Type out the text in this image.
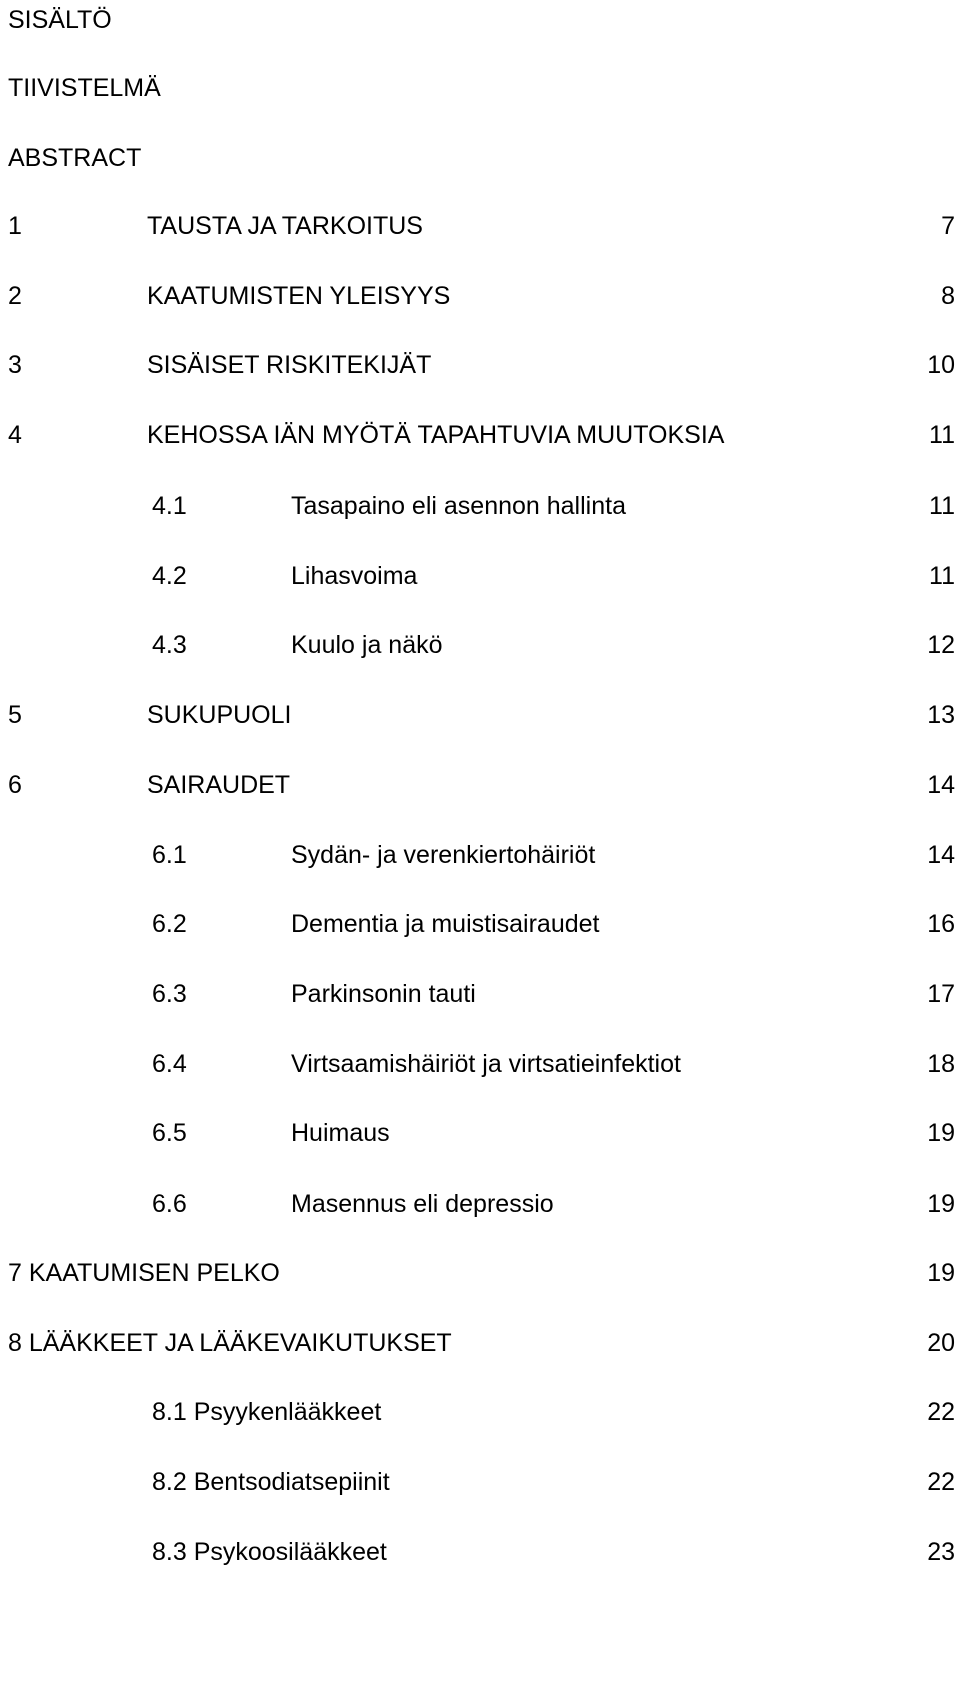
SISÄLTÖ
TIIVISTELMÄ
ABSTRACT
1	TAUSTA JA TARKOITUS	7
2	KAATUMISTEN YLEISYYS	8
3	SISÄISET RISKITEKIJÄT	10
4	KEHOSSA IÄN MYÖTÄ TAPAHTUVIA MUUTOKSIA	11
4.1	Tasapaino eli asennon hallinta	11
4.2	Lihasvoima	11
4.3	Kuulo ja näkö	12
5	SUKUPUOLI	13
6	SAIRAUDET	14
6.1	Sydän- ja verenkiertohäiriöt	14
6.2	Dementia ja muistisairaudet	16
6.3	Parkinsonin tauti	17
6.4	Virtsaamishäiriöt ja virtsatieinfektiot	18
6.5	Huimaus	19
6.6	Masennus eli depressio	19
7 KAATUMISEN PELKO	19
8 LÄÄKKEET JA LÄÄKEVAIKUTUKSET	20
8.1 Psyykenlääkkeet	22
8.2 Bentsodiatsepiinit	22
8.3 Psykoosilääkkeet	23
